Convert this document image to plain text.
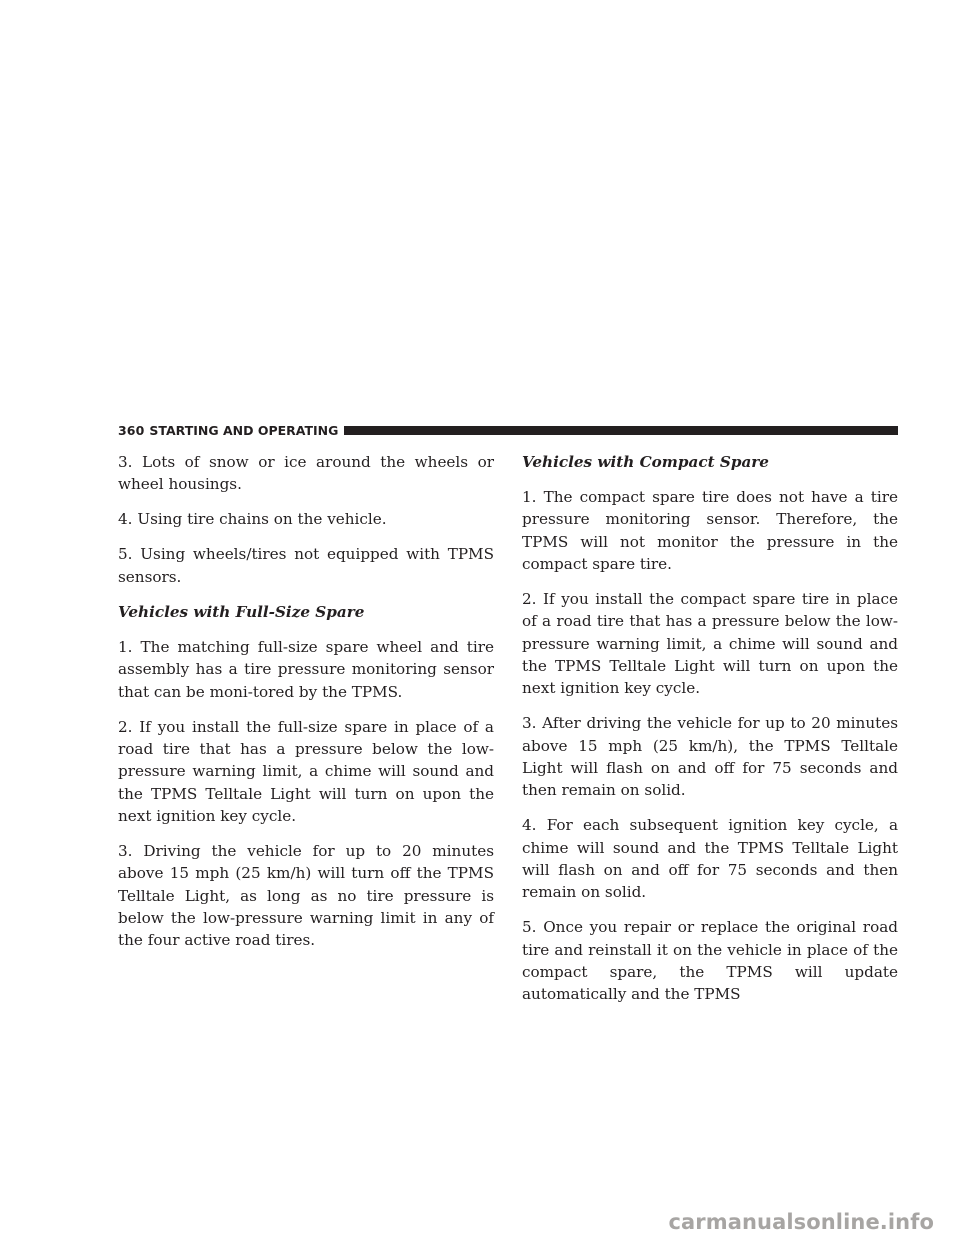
360 STARTING AND OPERATING

3. Lots of snow or ice around the wheels or wheel housings.

4. Using tire chains on the vehicle.

5. Using wheels/tires not equipped with TPMS sensors.

Vehicles with Full-Size Spare

1. The matching full-size spare wheel and tire assembly has a tire pressure monitoring sensor that can be moni-tored by the TPMS.

2. If you install the full-size spare in place of a road tire that has a pressure below the low-pressure warning limit, a chime will sound and the TPMS Telltale Light will turn on upon the next ignition key cycle.

3. Driving the vehicle for up to 20 minutes above 15 mph (25 km/h) will turn off the TPMS Telltale Light, as long as no tire pressure is below the low-pressure warning limit in any of the four active road tires.

Vehicles with Compact Spare

1. The compact spare tire does not have a tire pressure monitoring sensor. Therefore, the TPMS will not monitor the pressure in the compact spare tire.

2. If you install the compact spare tire in place of a road tire that has a pressure below the low-pressure warning limit, a chime will sound and the TPMS Telltale Light will turn on upon the next ignition key cycle.

3. After driving the vehicle for up to 20 minutes above 15 mph (25 km/h), the TPMS Telltale Light will flash on and off for 75 seconds and then remain on solid.

4. For each subsequent ignition key cycle, a chime will sound and the TPMS Telltale Light will flash on and off for 75 seconds and then remain on solid.

5. Once you repair or replace the original road tire and reinstall it on the vehicle in place of the compact spare, the TPMS will update automatically and the TPMS

carmanualsonline.info
